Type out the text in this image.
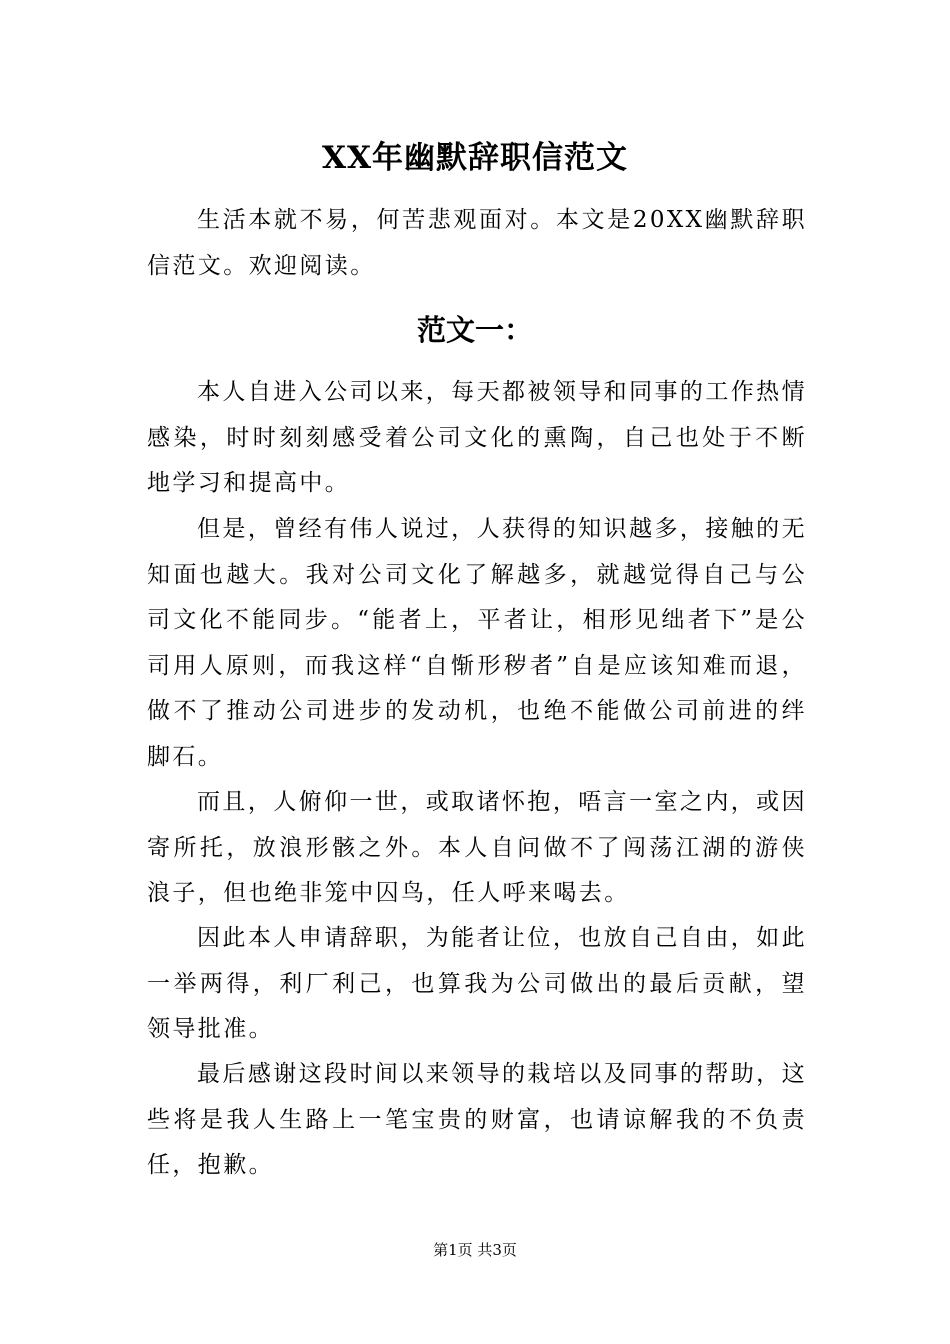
XX年幽默辞职信范文

生活本就不易，何苦悲观面对。本文是20XX幽默辞职信范文。欢迎阅读。

范文一：

本人自进入公司以来，每天都被领导和同事的工作热情感染，时时刻刻感受着公司文化的熏陶，自己也处于不断地学习和提高中。

但是，曾经有伟人说过，人获得的知识越多，接触的无知面也越大。我对公司文化了解越多，就越觉得自己与公司文化不能同步。“能者上，平者让，相形见绌者下”是公司用人原则，而我这样“自惭形秽者”自是应该知难而退，做不了推动公司进步的发动机，也绝不能做公司前进的绊脚石。

而且，人俯仰一世，或取诸怀抱，唔言一室之内，或因寄所托，放浪形骸之外。本人自问做不了闯荡江湖的游侠浪子，但也绝非笼中囚鸟，任人呼来喝去。

因此本人申请辞职，为能者让位，也放自己自由，如此一举两得，利厂利己，也算我为公司做出的最后贡献，望领导批准。

最后感谢这段时间以来领导的栽培以及同事的帮助，这些将是我人生路上一笔宝贵的财富，也请谅解我的不负责任，抱歉。

第1页 共3页
